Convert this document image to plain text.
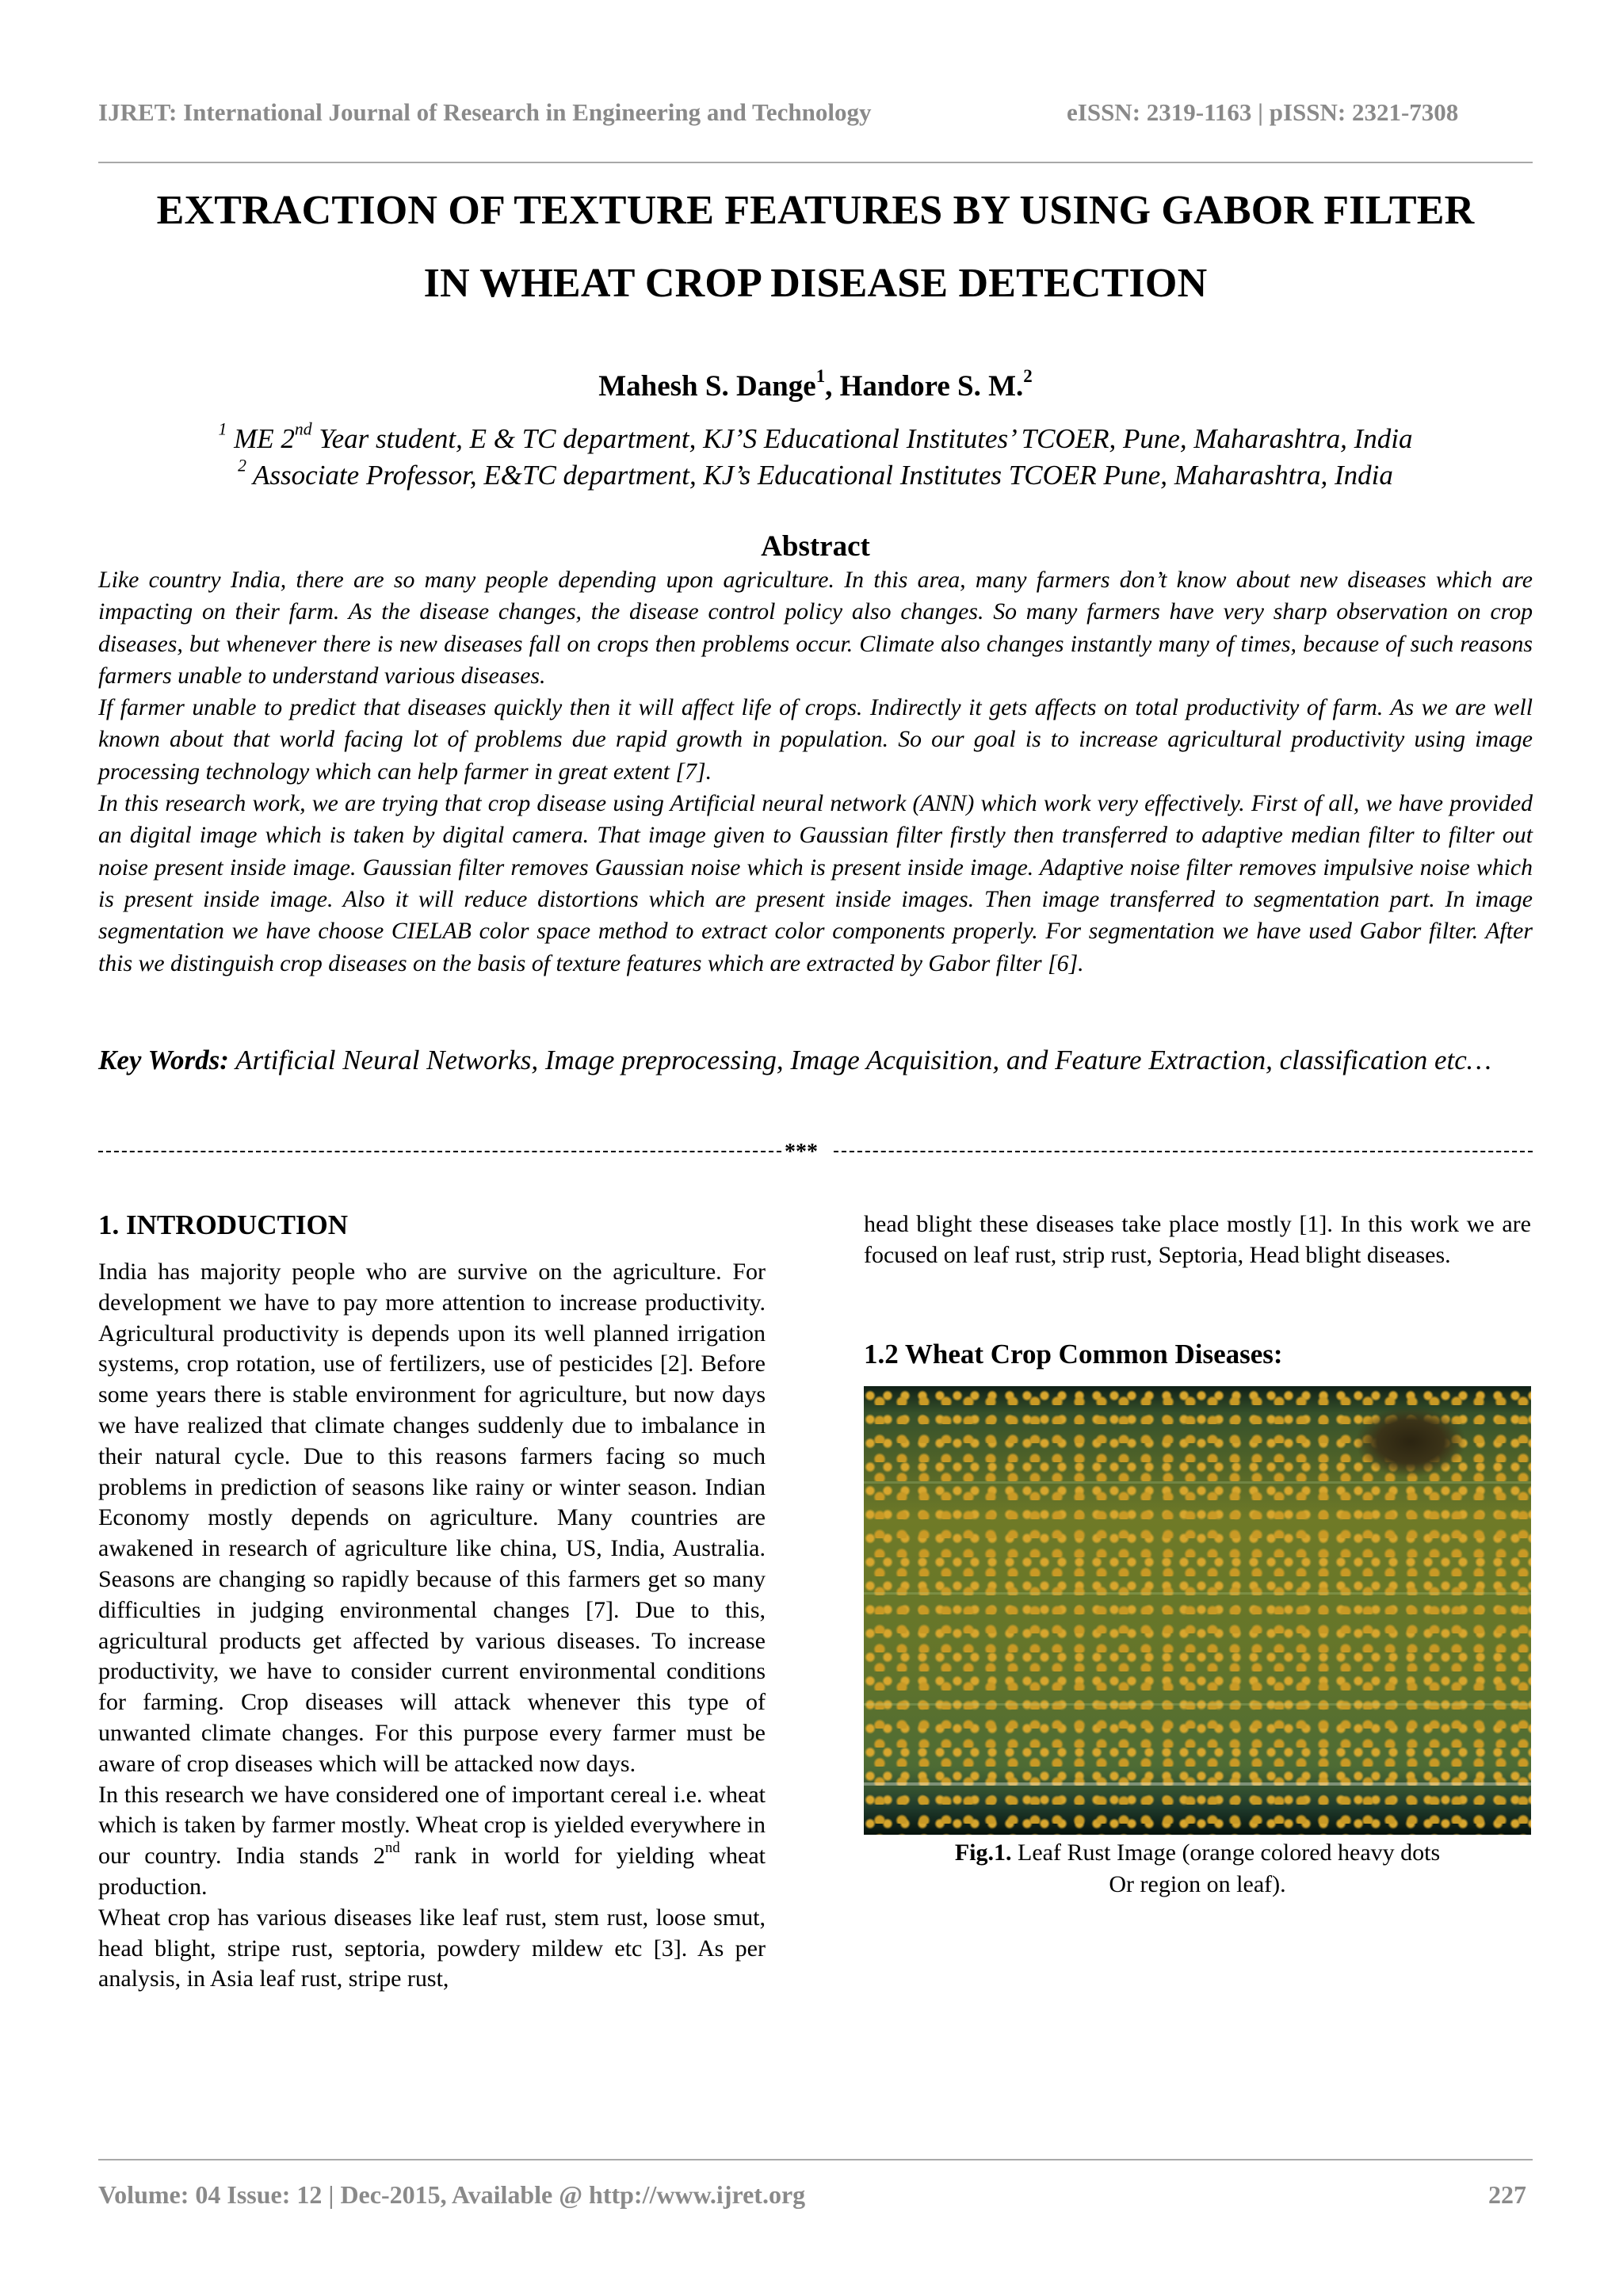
IJRET: International Journal of Research in Engineering and Technology	eISSN: 2319-1163 | pISSN: 2321-7308
EXTRACTION OF TEXTURE FEATURES BY USING GABOR FILTER
IN WHEAT CROP DISEASE DETECTION
Mahesh S. Dange$^1$, Handore S. M.$^2$
$^1$ ME 2nd Year student, E & TC department, KJ’S Educational Institutes’ TCOER, Pune, Maharashtra, India
$^2$ Associate Professor, E&TC department, KJ’s Educational Institutes TCOER Pune, Maharashtra, India
Abstract

Like country India, there are so many people depending upon agriculture. In this area, many farmers don’t know about new diseases which are impacting on their farm. As the disease changes, the disease control policy also changes. So many farmers have very sharp observation on crop diseases, but whenever there is new diseases fall on crops then problems occur. Climate also changes instantly many of times, because of such reasons farmers unable to understand various diseases.

If farmer unable to predict that diseases quickly then it will affect life of crops. Indirectly it gets affects on total productivity of farm. As we are well known about that world facing lot of problems due rapid growth in population. So our goal is to increase agricultural productivity using image processing technology which can help farmer in great extent [7].

In this research work, we are trying that crop disease using Artificial neural network (ANN) which work very effectively. First of all, we have provided an digital image which is taken by digital camera. That image given to Gaussian filter firstly then transferred to adaptive median filter to filter out noise present inside image. Gaussian filter removes Gaussian noise which is present inside image. Adaptive noise filter removes impulsive noise which is present inside image. Also it will reduce distortions which are present inside images. Then image transferred to segmentation part. In image segmentation we have choose CIELAB color space method to extract color components properly. For segmentation we have used Gabor filter. After this we distinguish crop diseases on the basis of texture features which are extracted by Gabor filter [6].

Key Words: Artificial Neural Networks, Image preprocessing, Image Acquisition, and Feature Extraction, classification etc…
***
1. INTRODUCTION

India has majority people who are survive on the agriculture. For development we have to pay more attention to increase productivity. Agricultural productivity is depends upon its well planned irrigation systems, crop rotation, use of fertilizers, use of pesticides [2]. Before some years there is stable environment for agriculture, but now days we have realized that climate changes suddenly due to imbalance in their natural cycle. Due to this reasons farmers facing so much problems in prediction of seasons like rainy or winter season. Indian Economy mostly depends on agriculture. Many countries are awakened in research of agriculture like china, US, India, Australia. Seasons are changing so rapidly because of this farmers get so many difficulties in judging environmental changes [7]. Due to this, agricultural products get affected by various diseases. To increase productivity, we have to consider current environmental conditions for farming. Crop diseases will attack whenever this type of unwanted climate changes. For this purpose every farmer must be aware of crop diseases which will be attacked now days.

In this research we have considered one of important cereal i.e. wheat which is taken by farmer mostly. Wheat crop is yielded everywhere in our country. India stands 2nd rank in world for yielding wheat production.

Wheat crop has various diseases like leaf rust, stem rust, loose smut, head blight, stripe rust, septoria, powdery mildew etc [3]. As per analysis, in Asia leaf rust, stripe rust,

head blight these diseases take place mostly [1]. In this work we are focused on leaf rust, strip rust, Septoria, Head blight diseases.
1.2 Wheat Crop Common Diseases:
Fig.1. Leaf Rust Image (orange colored heavy dots
Or region on leaf).
Volume: 04 Issue: 12 | Dec-2015, Available @ http://www.ijret.org	227
